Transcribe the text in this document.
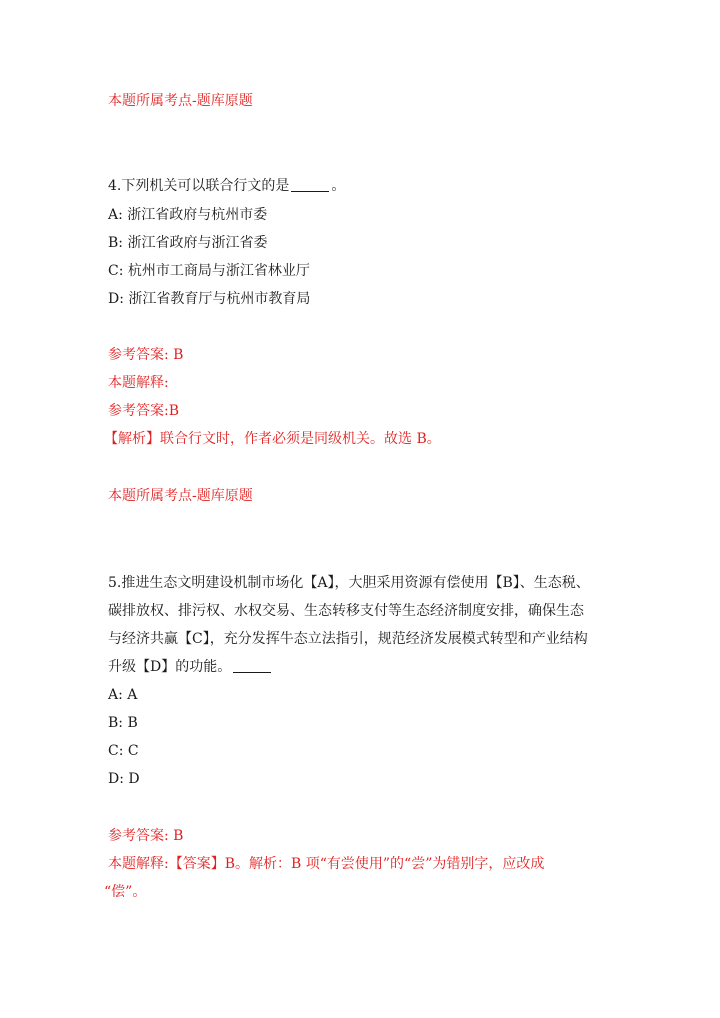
本题所属考点-题库原题
4.下列机关可以联合行文的是	。
A: 浙江省政府与杭州市委
B: 浙江省政府与浙江省委
C: 杭州市工商局与浙江省林业厅
D: 浙江省教育厅与杭州市教育局
参考答案: B
本题解释:
参考答案:B
【解析】联合行文时，作者必须是同级机关。故选 B。
本题所属考点-题库原题
5.推进生态文明建设机制市场化【A】，大胆采用资源有偿使用【B】、生态税、
碳排放权、排污权、水权交易、生态转移支付等生态经济制度安排，确保生态
与经济共赢【C】，充分发挥牛态立法指引，规范经济发展模式转型和产业结构
升级【D】的功能。
A: A
B: B
C: C
D: D
参考答案: B
本题解释:【答案】B。解析：B 项“有尝使用”的“尝”为错别字，应改成
“偿”。
